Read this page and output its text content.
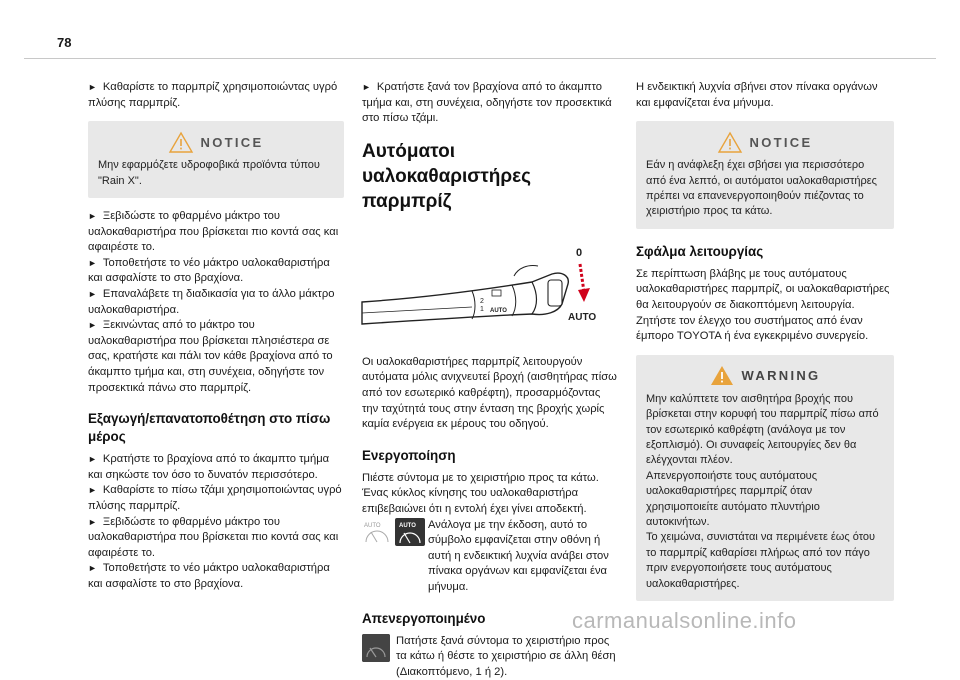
78
► Καθαρίστε το παρμπρίζ χρησιμοποιώντας υγρό πλύσης παρμπρίζ.
NOTICE

Μην εφαρμόζετε υδροφοβικά προϊόντα τύπου "Rain X".

► Ξεβιδώστε το φθαρμένο μάκτρο του υαλοκαθαριστήρα που βρίσκεται πιο κοντά σας και αφαιρέστε το.
► Τοποθετήστε το νέο μάκτρο υαλοκαθαριστήρα και ασφαλίστε το στο βραχίονα.
► Επαναλάβετε τη διαδικασία για το άλλο μάκτρο υαλοκαθαριστήρα.
► Ξεκινώντας από το μάκτρο του υαλοκαθαριστήρα που βρίσκεται πλησιέστερα σε σας, κρατήστε και πάλι τον κάθε βραχίονα από το άκαμπτο τμήμα και, στη συνέχεια, οδηγήστε τον προσεκτικά πάνω στο παρμπρίζ.
Εξαγωγή/επανατοποθέτηση στο πίσω μέρος
► Κρατήστε το βραχίονα από το άκαμπτο τμήμα και σηκώστε τον όσο το δυνατόν περισσότερο.
► Καθαρίστε το πίσω τζάμι χρησιμοποιώντας υγρό πλύσης παρμπρίζ.
► Ξεβιδώστε το φθαρμένο μάκτρο του υαλοκαθαριστήρα που βρίσκεται πιο κοντά σας και αφαιρέστε το.
► Τοποθετήστε το νέο μάκτρο υαλοκαθαριστήρα και ασφαλίστε το στο βραχίονα.
► Κρατήστε ξανά τον βραχίονα από το άκαμπτο τμήμα και, στη συνέχεια, οδηγήστε τον προσεκτικά στο πίσω τζάμι.
Αυτόματοι υαλοκαθαριστήρες παρμπρίζ
2
1 AUTO
0
AUTO

Οι υαλοκαθαριστήρες παρμπρίζ λειτουργούν αυτόματα μόλις ανιχνευτεί βροχή (αισθητήρας πίσω από τον εσωτερικό καθρέφτη), προσαρμόζοντας την ταχύτητά τους στην ένταση της βροχής χωρίς καμία ενέργεια εκ μέρους του οδηγού.

Ενεργοποίηση

Πιέστε σύντομα με το χειριστήριο προς τα κάτω. Ένας κύκλος κίνησης του υαλοκαθαριστήρα επιβεβαιώνει ότι η εντολή έχει γίνει αποδεκτή.

AUTO	AUTO Ανάλογα με την έκδοση, αυτό το σύμβολο εμφανίζεται στην οθόνη ή αυτή η ενδεικτική λυχνία ανάβει στον πίνακα οργάνων και εμφανίζεται ένα μήνυμα.

Απενεργοποιημένο

Πατήστε ξανά σύντομα το χειριστήριο προς τα κάτω ή θέστε το χειριστήριο σε άλλη θέση (Διακοπτόμενο, 1 ή 2).

Η ενδεικτική λυχνία σβήνει στον πίνακα οργάνων και εμφανίζεται ένα μήνυμα.

NOTICE

Εάν η ανάφλεξη έχει σβήσει για περισσότερο από ένα λεπτό, οι αυτόματοι υαλοκαθαριστήρες πρέπει να επανενεργοποιηθούν πιέζοντας το χειριστήριο προς τα κάτω.

Σφάλμα λειτουργίας

Σε περίπτωση βλάβης με τους αυτόματους υαλοκαθαριστήρες παρμπρίζ, οι υαλοκαθαριστήρες θα λειτουργούν σε διακοπτόμενη λειτουργία.
Ζητήστε τον έλεγχο του συστήματος από έναν έμπορο TOYOTA ή ένα εγκεκριμένο συνεργείο.

WARNING

Μην καλύπτετε τον αισθητήρα βροχής που βρίσκεται στην κορυφή του παρμπρίζ πίσω από τον εσωτερικό καθρέφτη (ανάλογα με τον εξοπλισμό). Οι συναφείς λειτουργίες δεν θα ελέγχονται πλέον.
Απενεργοποιήστε τους αυτόματους υαλοκαθαριστήρες παρμπρίζ όταν χρησιμοποιείτε αυτόματο πλυντήριο αυτοκινήτων.
Το χειμώνα, συνιστάται να περιμένετε έως ότου το παρμπρίζ καθαρίσει πλήρως από τον πάγο πριν ενεργοποιήσετε τους αυτόματους υαλοκαθαριστήρες.

carmanualsonline.info
